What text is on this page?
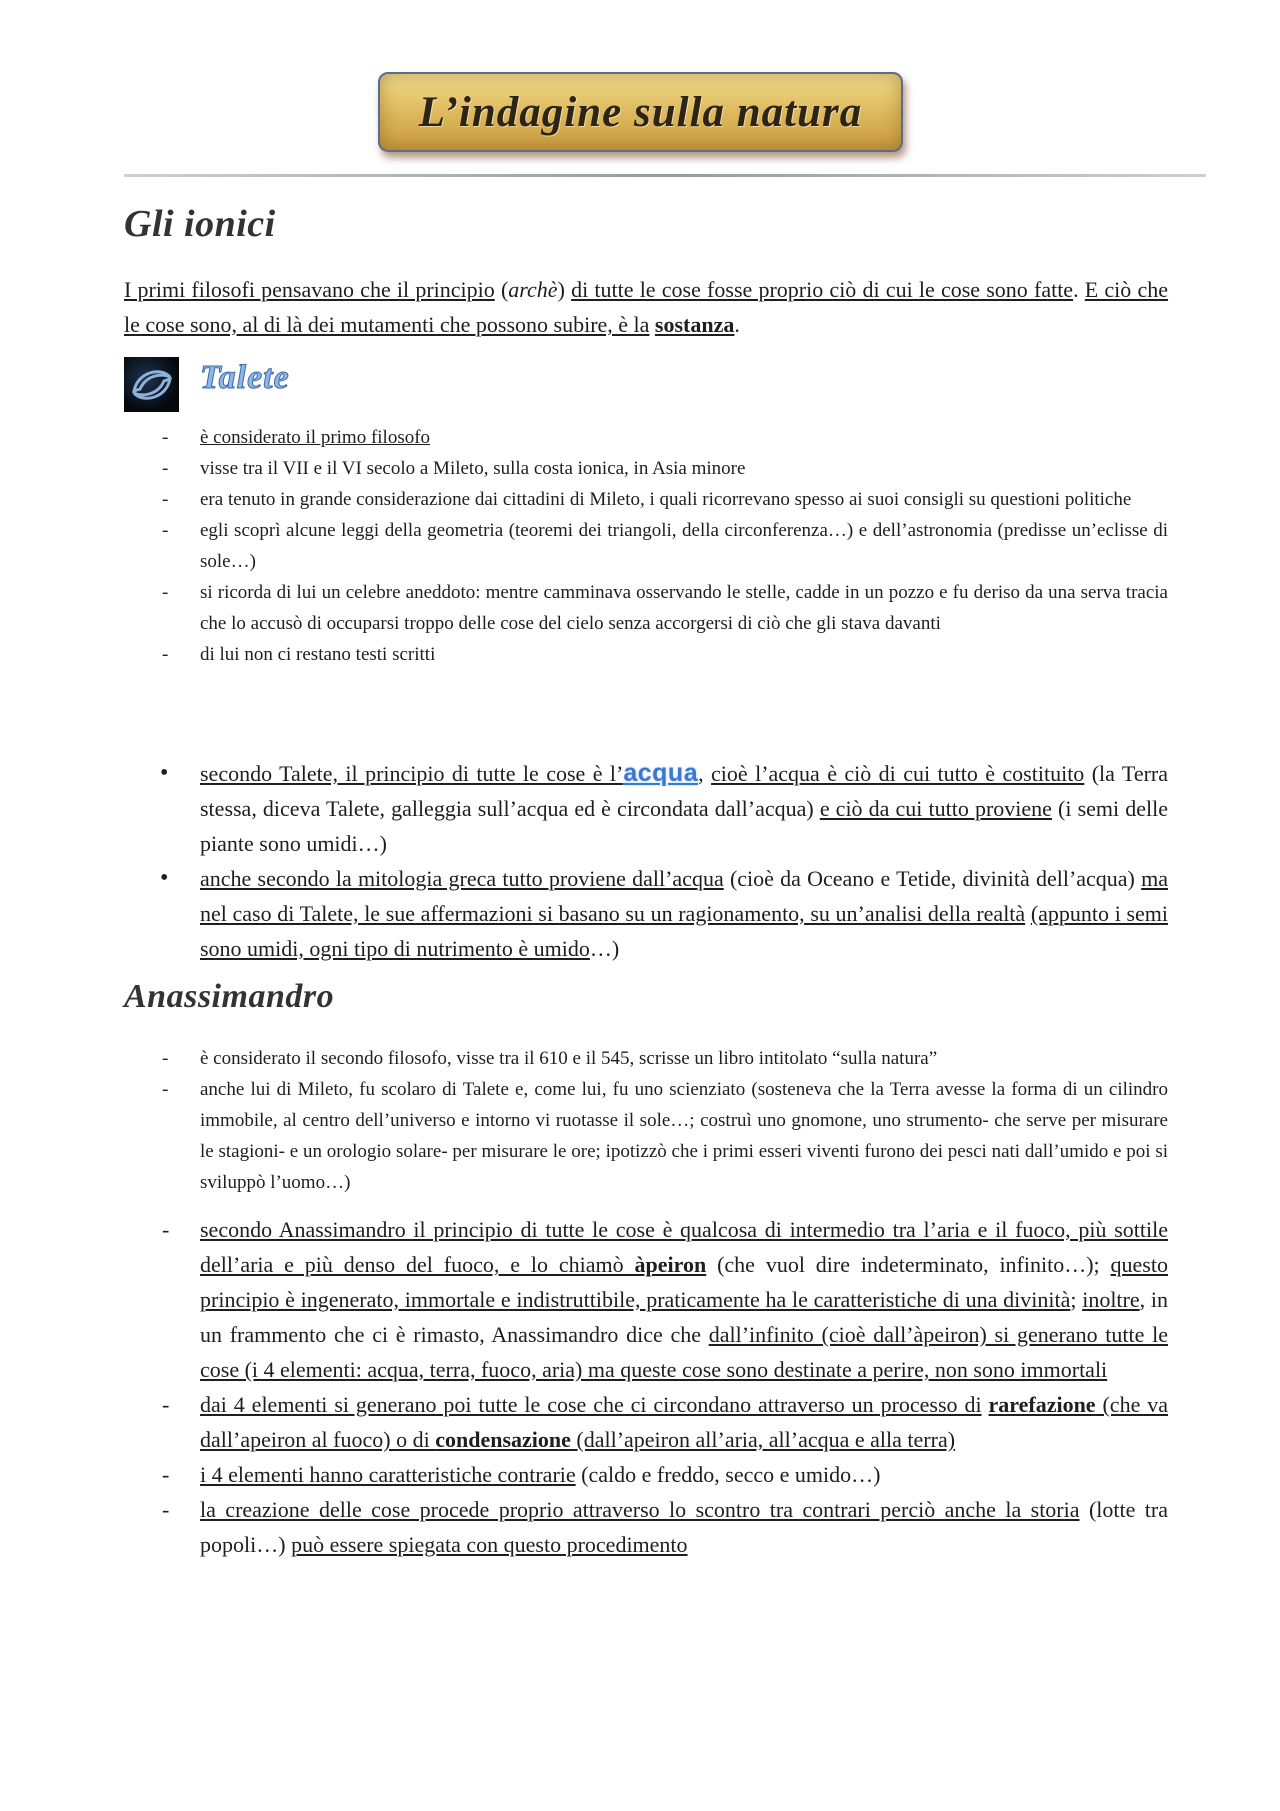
L’indagine sulla natura
Gli ionici
I primi filosofi pensavano che il principio (archè) di tutte le cose fosse proprio ciò di cui le cose sono fatte. E ciò che le cose sono, al di là dei mutamenti che possono subire, è la sostanza.
Talete
- è considerato il primo filosofo
- visse tra il VII e il VI secolo a Mileto, sulla costa ionica, in Asia minore
- era tenuto in grande considerazione dai cittadini di Mileto, i quali ricorrevano spesso ai suoi consigli su questioni politiche
- egli scoprì alcune leggi della geometria (teoremi dei triangoli, della circonferenza…) e dell’astronomia (predisse un’eclisse di sole…)
- si ricorda di lui un celebre aneddoto: mentre camminava osservando le stelle, cadde in un pozzo e fu deriso da una serva tracia che lo accusò di occuparsi troppo delle cose del cielo senza accorgersi di ciò che gli stava davanti
- di lui non ci restano testi scritti
• secondo Talete, il principio di tutte le cose è l’acqua, cioè l’acqua è ciò di cui tutto è costituito (la Terra stessa, diceva Talete, galleggia sull’acqua ed è circondata dall’acqua) e ciò da cui tutto proviene (i semi delle piante sono umidi…)
• anche secondo la mitologia greca tutto proviene dall’acqua (cioè da Oceano e Tetide, divinità dell’acqua) ma nel caso di Talete, le sue affermazioni si basano su un ragionamento, su un’analisi della realtà (appunto i semi sono umidi, ogni tipo di nutrimento è umido…)
Anassimandro
- è considerato il secondo filosofo, visse tra il 610 e il 545, scrisse un libro intitolato “sulla natura”
- anche lui di Mileto, fu scolaro di Talete e, come lui, fu uno scienziato (sosteneva che la Terra avesse la forma di un cilindro immobile, al centro dell’universo e intorno vi ruotasse il sole…; costruì uno gnomone, uno strumento- che serve per misurare le stagioni- e un orologio solare- per misurare le ore; ipotizzò che i primi esseri viventi furono dei pesci nati dall’umido e poi si sviluppò l’uomo…)
- secondo Anassimandro il principio di tutte le cose è qualcosa di intermedio tra l’aria e il fuoco, più sottile dell’aria e più denso del fuoco, e lo chiamò àpeiron (che vuol dire indeterminato, infinito…); questo principio è ingenerato, immortale e indistruttibile, praticamente ha le caratteristiche di una divinità; inoltre, in un frammento che ci è rimasto, Anassimandro dice che dall’infinito (cioè dall’àpeiron) si generano tutte le cose (i 4 elementi: acqua, terra, fuoco, aria) ma queste cose sono destinate a perire, non sono immortali
- dai 4 elementi si generano poi tutte le cose che ci circondano attraverso un processo di rarefazione (che va dall’apeiron al fuoco) o di condensazione (dall’apeiron all’aria, all’acqua e alla terra)
- i 4 elementi hanno caratteristiche contrarie (caldo e freddo, secco e umido…)
- la creazione delle cose procede proprio attraverso lo scontro tra contrari perciò anche la storia (lotte tra popoli…) può essere spiegata con questo procedimento
